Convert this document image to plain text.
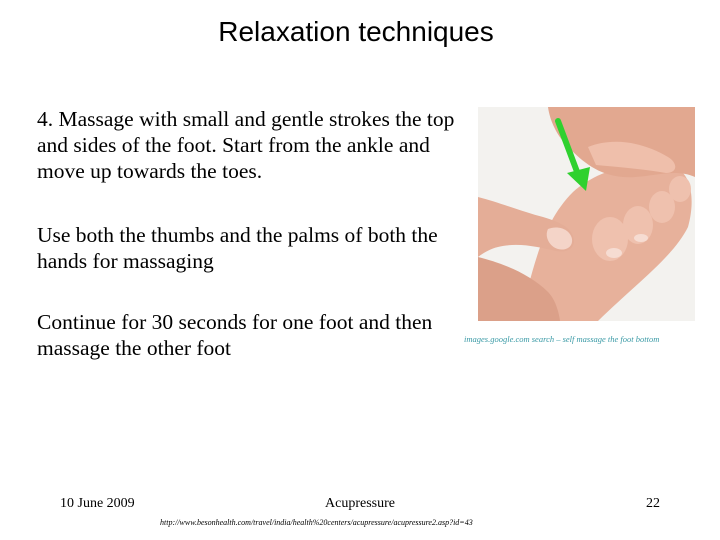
Relaxation techniques

4. Massage with small and gentle strokes the top and sides of the foot. Start from the ankle and move up towards the toes.

Use both the thumbs and the palms of both the hands for massaging

Continue for 30 seconds for one foot and then massage the other foot	images.google.com search – self massage the foot bottom
10 June 2009	Acupressure	22
http://www.besonhealth.com/travel/india/health%20centers/acupressure/acupressure2.asp?id=43
